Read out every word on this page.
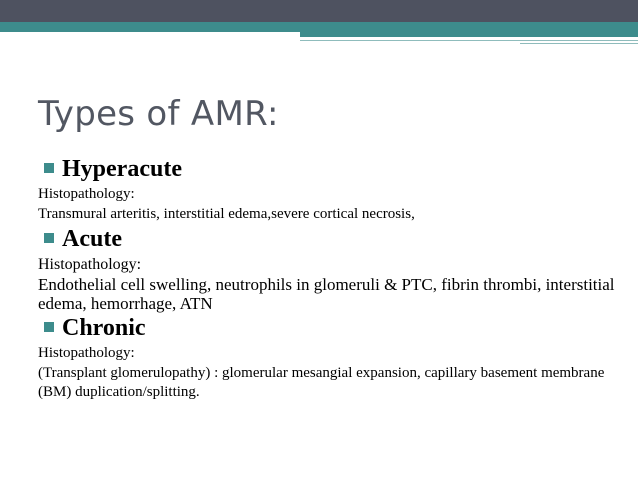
Types of AMR:
Hyperacute

Histopathology:

Transmural arteritis, interstitial edema,severe cortical necrosis,

Acute

Histopathology:

Endothelial cell swelling, neutrophils in glomeruli & PTC, fibrin thrombi, interstitial edema, hemorrhage, ATN

Chronic

Histopathology:

(Transplant glomerulopathy) : glomerular mesangial expansion, capillary basement membrane (BM) duplication/splitting.
